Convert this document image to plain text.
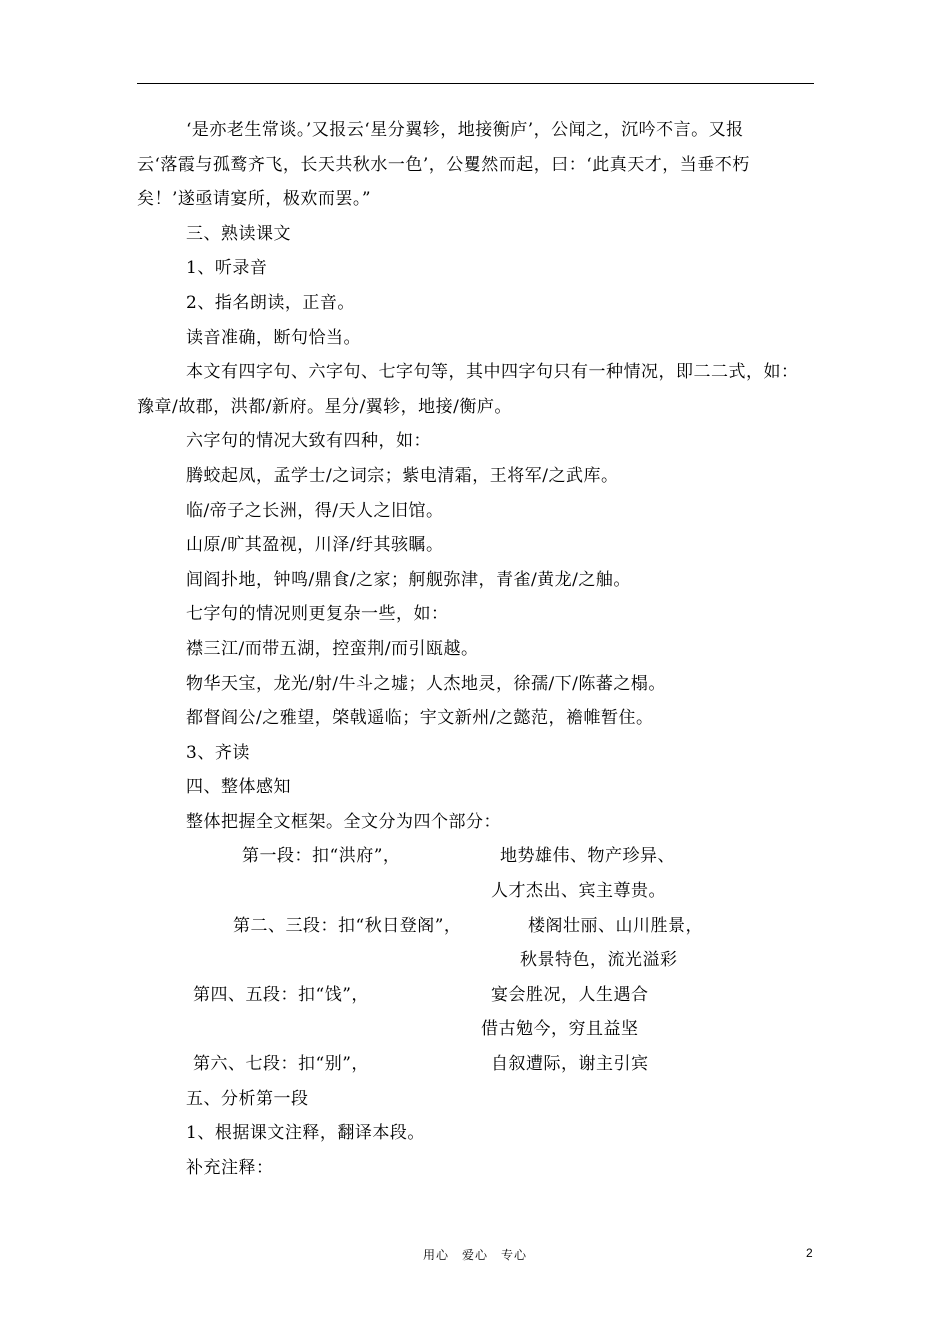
‘是亦老生常谈。’又报云‘星分翼轸，地接衡庐’，公闻之，沉吟不言。又报
云‘落霞与孤鹜齐飞，长天共秋水一色’，公矍然而起，曰：‘此真天才，当垂不朽
矣！’遂亟请宴所，极欢而罢。”
三、熟读课文
1、听录音
2、指名朗读，正音。
读音准确，断句恰当。
本文有四字句、六字句、七字句等，其中四字句只有一种情况，即二二式，如：
豫章/故郡，洪都/新府。星分/翼轸，地接/衡庐。
六字句的情况大致有四种，如：
腾蛟起凤，孟学士/之词宗；紫电清霜，王将军/之武库。
临/帝子之长洲，得/天人之旧馆。
山原/旷其盈视，川泽/纡其骇瞩。
闾阎扑地，钟鸣/鼎食/之家；舸舰弥津，青雀/黄龙/之舳。
七字句的情况则更复杂一些，如：
襟三江/而带五湖，控蛮荆/而引瓯越。
物华天宝，龙光/射/牛斗之墟；人杰地灵，徐孺/下/陈蕃之榻。
都督阎公/之雅望，棨戟遥临；宇文新州/之懿范，襜帷暂住。
3、齐读
四、整体感知
整体把握全文框架。全文分为四个部分：
第一段：扣“洪府”，	地势雄伟、物产珍异、
人才杰出、宾主尊贵。
第二、三段：扣“秋日登阁”，	楼阁壮丽、山川胜景，
秋景特色，流光溢彩
第四、五段：扣“饯”，	宴会胜况，人生遇合
借古勉今，穷且益坚
第六、七段：扣“别”，	自叙遭际，谢主引宾
五、分析第一段
1、根据课文注释，翻译本段。
补充注释：
用心　爱心　专心	2
